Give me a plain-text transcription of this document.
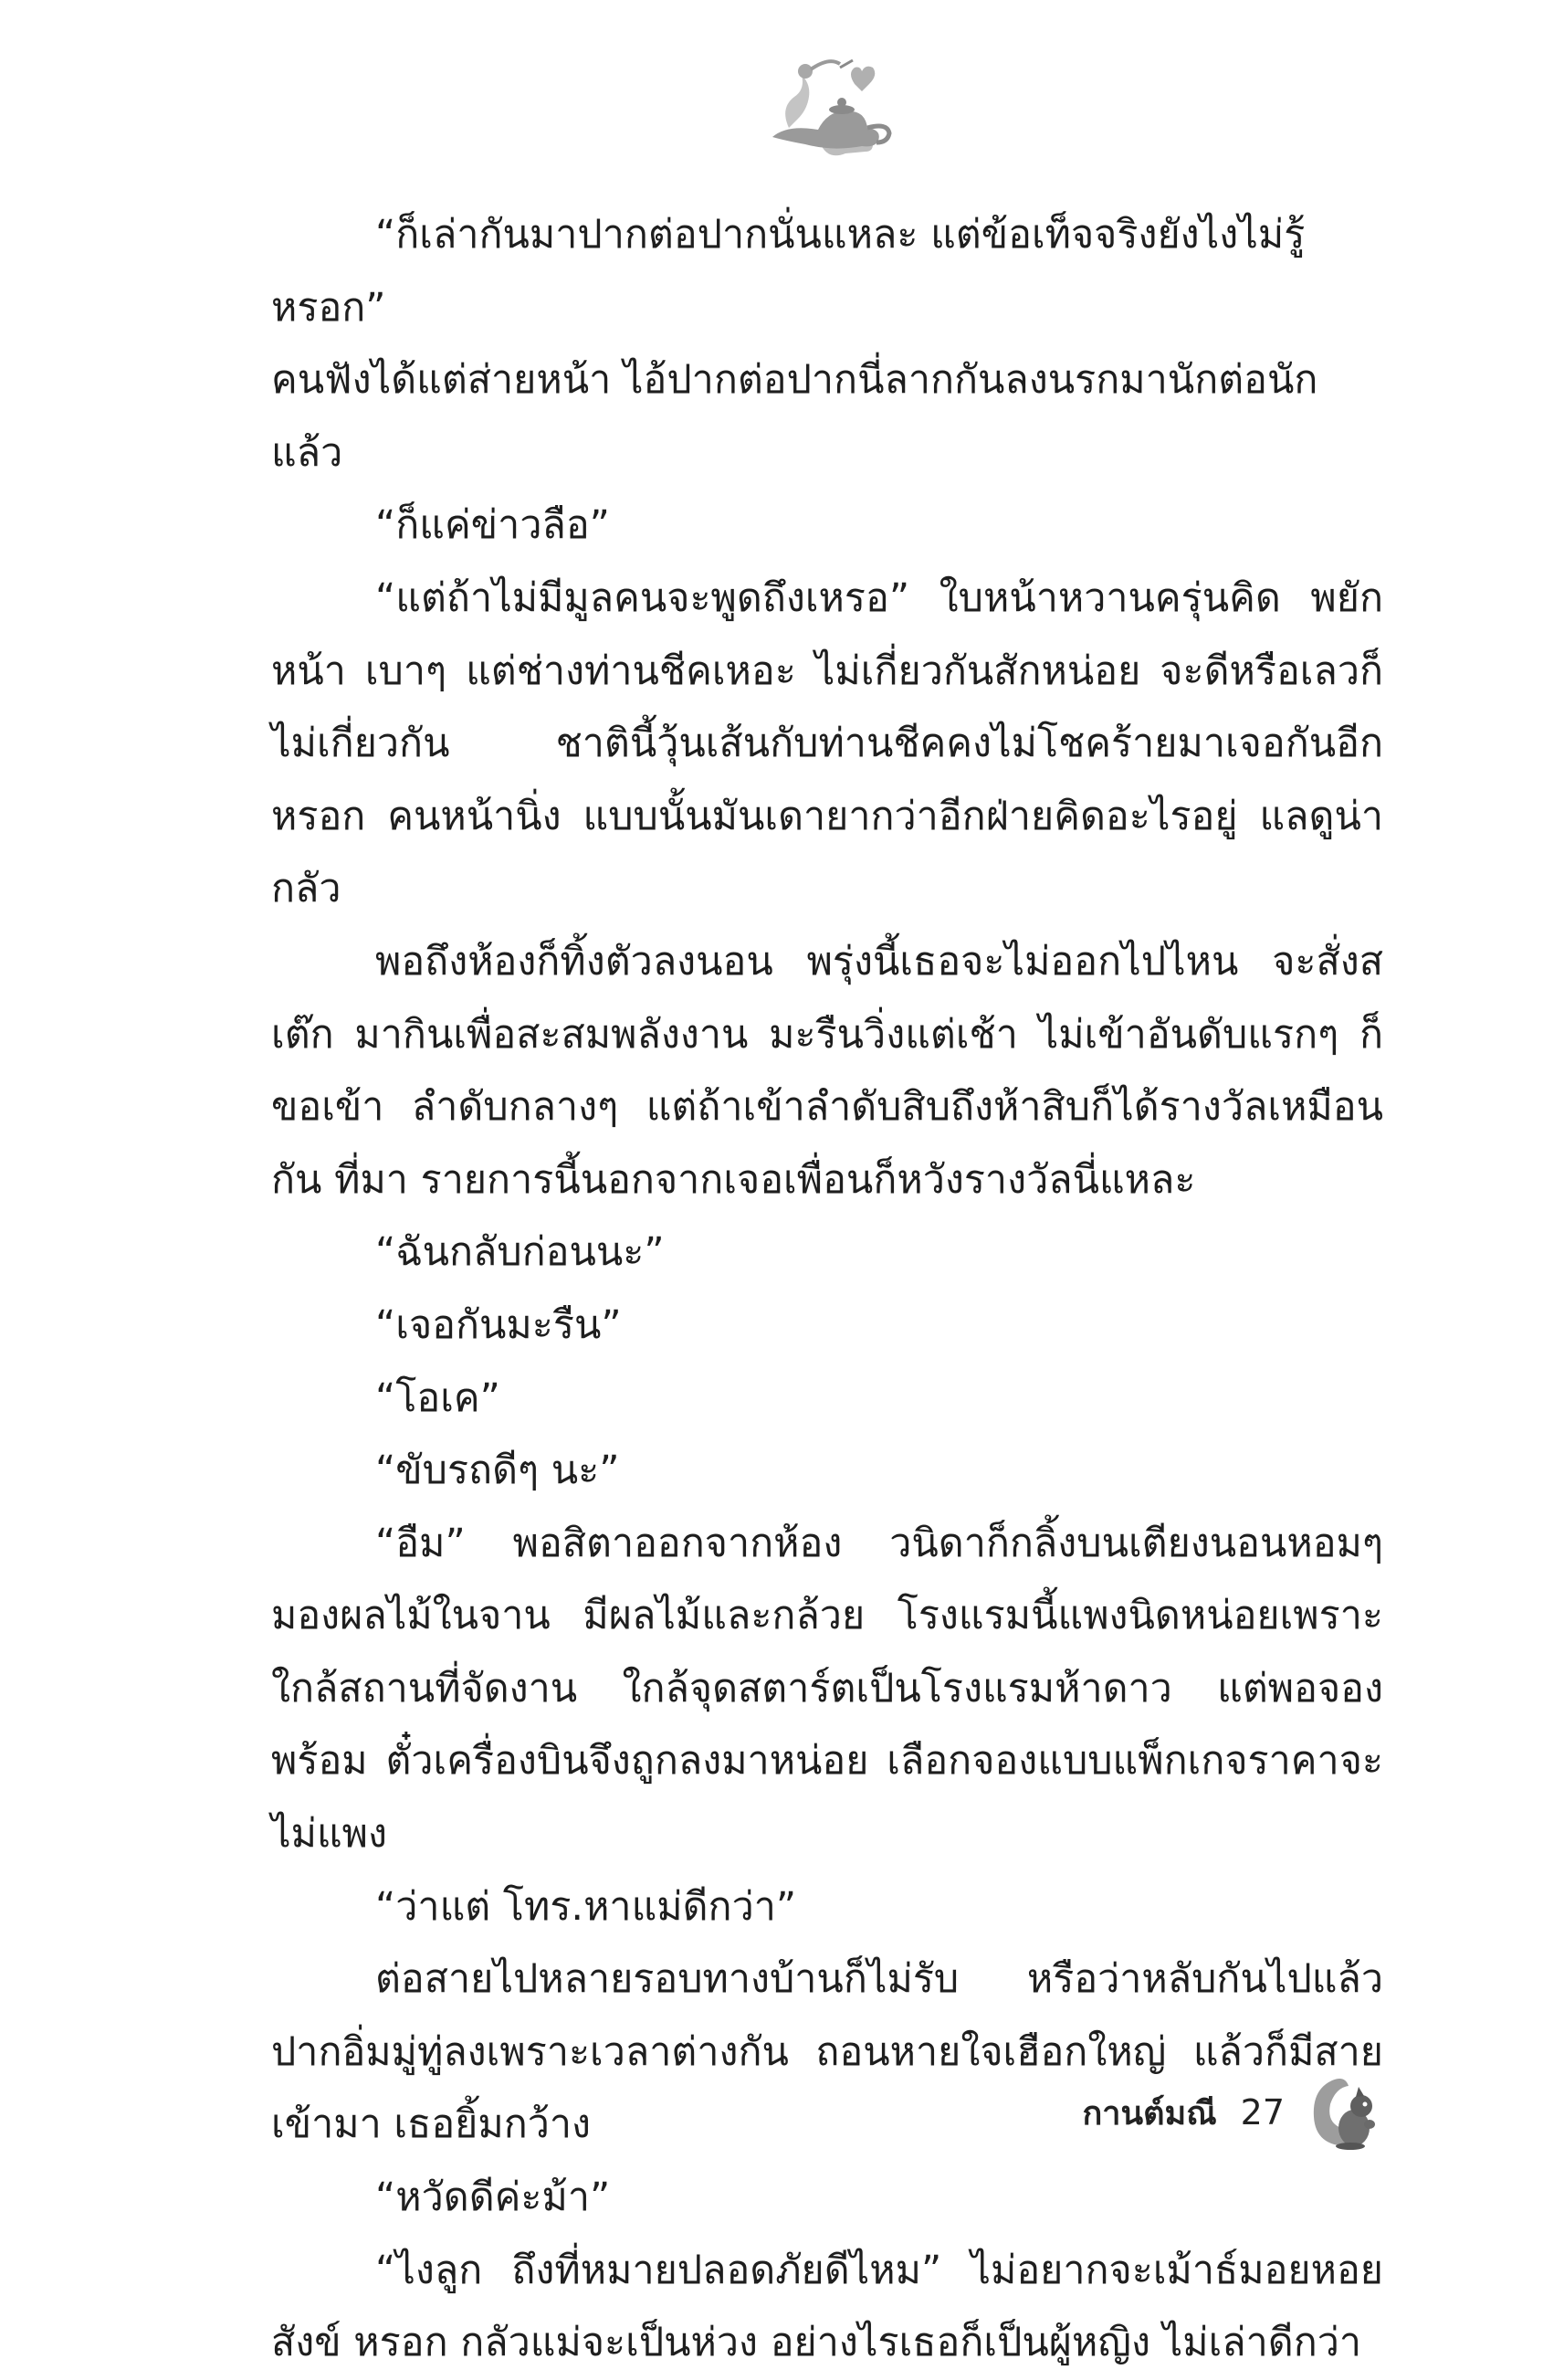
“ก็เล่ากันมาปากต่อปากนั่นแหละ แต่ข้อเท็จจริงยังไงไม่รู้หรอก”

คนฟังได้แต่ส่ายหน้า ไอ้ปากต่อปากนี่ลากกันลงนรกมานักต่อนักแล้ว

“ก็แค่ข่าวลือ”

“แต่ถ้าไม่มีมูลคนจะพูดถึงเหรอ” ใบหน้าหวานครุ่นคิด พยักหน้า เบาๆ แต่ช่างท่านชีคเหอะ ไม่เกี่ยวกันสักหน่อย จะดีหรือเลวก็ไม่เกี่ยวกัน ชาตินี้วุ้นเส้นกับท่านชีคคงไม่โชคร้ายมาเจอกันอีกหรอก คนหน้านิ่ง แบบนั้นมันเดายากว่าอีกฝ่ายคิดอะไรอยู่ แลดูน่ากลัว

พอถึงห้องก็ทิ้งตัวลงนอน พรุ่งนี้เธอจะไม่ออกไปไหน จะสั่งสเต๊ก มากินเพื่อสะสมพลังงาน มะรืนวิ่งแต่เช้า ไม่เข้าอันดับแรกๆ ก็ขอเข้า ลำดับกลางๆ แต่ถ้าเข้าลำดับสิบถึงห้าสิบก็ได้รางวัลเหมือนกัน ที่มา รายการนี้นอกจากเจอเพื่อนก็หวังรางวัลนี่แหละ

“ฉันกลับก่อนนะ”

“เจอกันมะรืน”

“โอเค”

“ขับรถดีๆ นะ”

“อืม” พอสิตาออกจากห้อง วนิดาก็กลิ้งบนเตียงนอนหอมๆ มองผลไม้ในจาน มีผลไม้และกล้วย โรงแรมนี้แพงนิดหน่อยเพราะ ใกล้สถานที่จัดงาน ใกล้จุดสตาร์ตเป็นโรงแรมห้าดาว แต่พอจองพร้อม ตั๋วเครื่องบินจึงถูกลงมาหน่อย เลือกจองแบบแพ็กเกจราคาจะไม่แพง

“ว่าแต่ โทร.หาแม่ดีกว่า”

ต่อสายไปหลายรอบทางบ้านก็ไม่รับ หรือว่าหลับกันไปแล้ว ปากอิ่มมู่ทู่ลงเพราะเวลาต่างกัน ถอนหายใจเฮือกใหญ่ แล้วก็มีสาย เข้ามา เธอยิ้มกว้าง

“หวัดดีค่ะม้า”

“ไงลูก ถึงที่หมายปลอดภัยดีไหม” ไม่อยากจะเม้าธ์มอยหอยสังข์ หรอก กลัวแม่จะเป็นห่วง อย่างไรเธอก็เป็นผู้หญิง ไม่เล่าดีกว่า

กานต์มณี 27
